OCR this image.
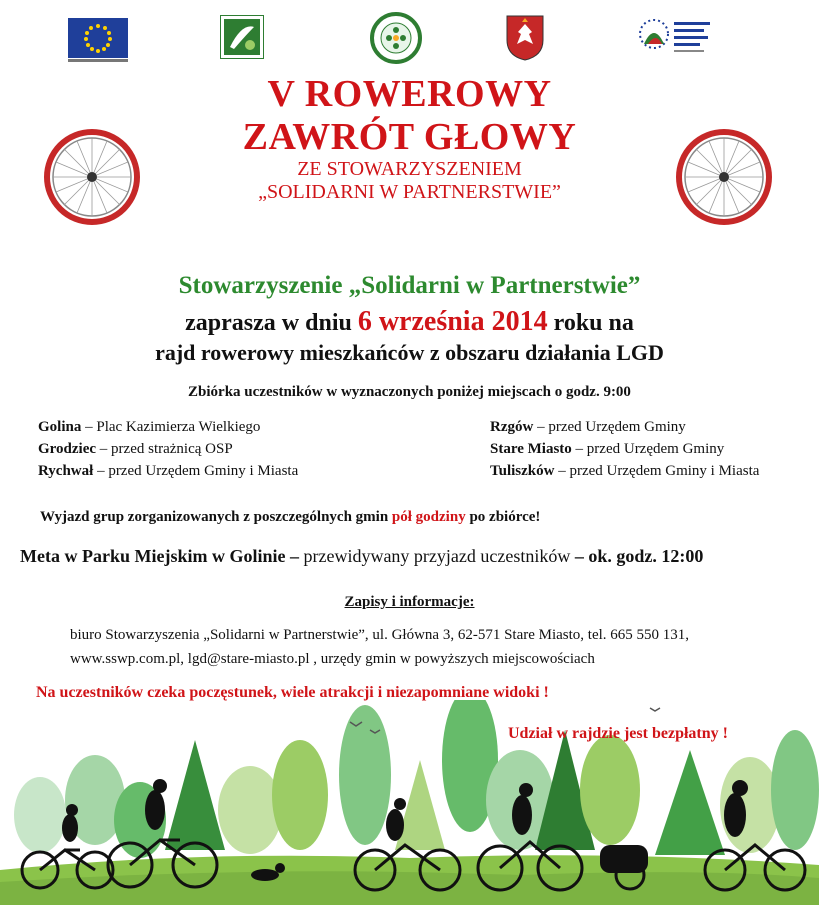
V ROWEROWY
ZAWRÓT GŁOWY
ZE STOWARZYSZENIEM
„SOLIDARNI W PARTNERSTWIE”
Stowarzyszenie „Solidarni w Partnerstwie”
zaprasza w dniu 6 września 2014 roku na
rajd rowerowy mieszkańców z obszaru działania LGD
Zbiórka uczestników w wyznaczonych poniżej miejscach o godz. 9:00
Golina – Plac Kazimierza Wielkiego
Grodziec – przed strażnicą OSP
Rychwał – przed Urzędem Gminy i Miasta
Rzgów – przed Urzędem Gminy
Stare Miasto – przed Urzędem Gminy
Tuliszków – przed Urzędem Gminy i Miasta
Wyjazd grup zorganizowanych z poszczególnych gmin pół godziny po zbiórce!
Meta w Parku Miejskim w Golinie – przewidywany przyjazd uczestników – ok. godz. 12:00
Zapisy i informacje:
biuro Stowarzyszenia „Solidarni w Partnerstwie”, ul. Główna 3, 62-571 Stare Miasto, tel. 665 550 131,
www.sswp.com.pl, lgd@stare-miasto.pl , urzędy gmin w powyższych miejscowościach
Na uczestników czeka poczęstunek, wiele atrakcji i niezapomniane widoki !
Udział w rajdzie jest bezpłatny !
